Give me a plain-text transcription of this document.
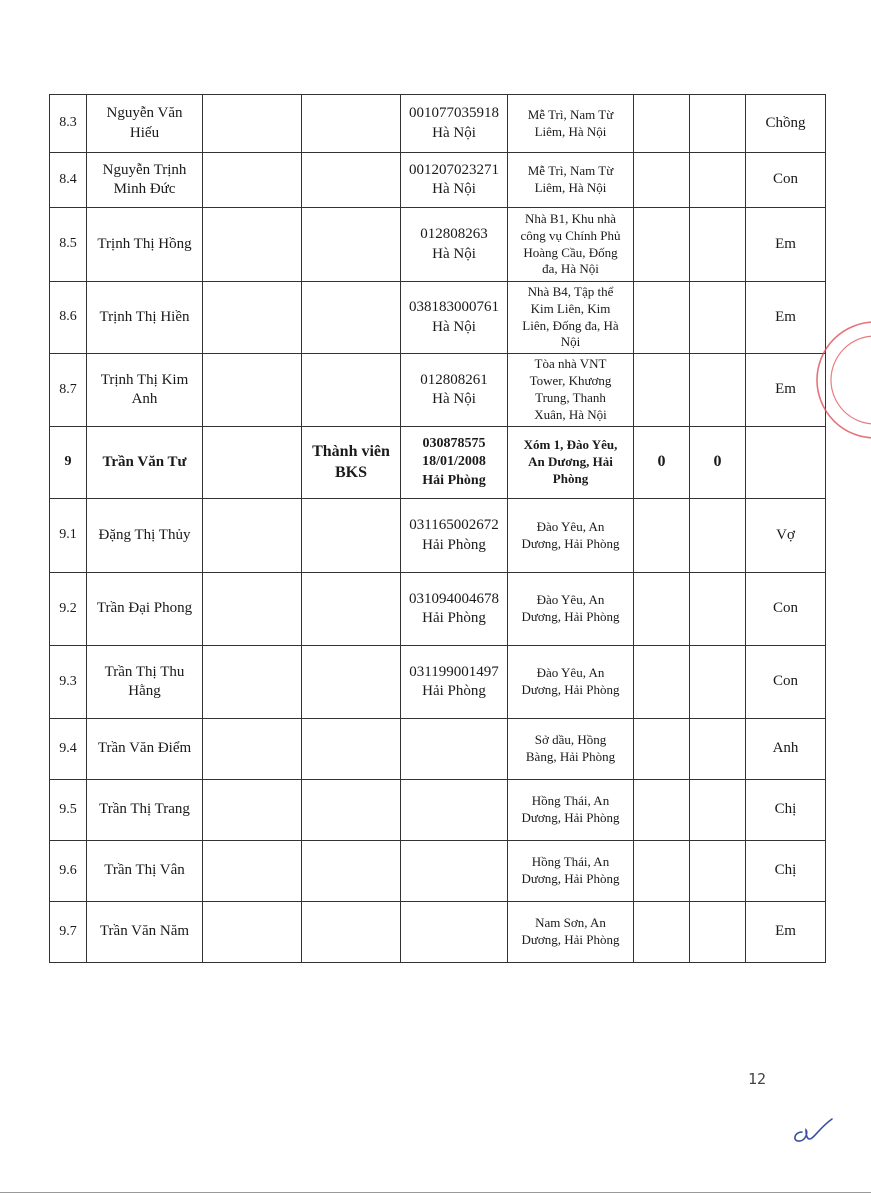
8.3	Nguyễn Văn
Hiếu			001077035918
Hà Nội	Mễ Trì, Nam Từ
Liêm, Hà Nội			Chồng
8.4	Nguyễn Trịnh
Minh Đức			001207023271
Hà Nội	Mễ Trì, Nam Từ
Liêm, Hà Nội			Con
8.5	Trịnh Thị Hồng			012808263
Hà Nội	Nhà B1, Khu nhà
công vụ Chính Phủ
Hoàng Cầu, Đống
đa, Hà Nội			Em
8.6	Trịnh Thị Hiền			038183000761
Hà Nội	Nhà B4, Tập thể
Kim Liên, Kim
Liên, Đống đa, Hà
Nội			Em
8.7	Trịnh Thị Kim
Anh			012808261
Hà Nội	Tòa nhà VNT
Tower, Khương
Trung, Thanh
Xuân, Hà Nội			Em
9	Trần Văn Tư		Thành viên
BKS	030878575
18/01/2008
Hải Phòng	Xóm 1, Đào Yêu,
An Dương, Hải
Phòng	0	0	
9.1	Đặng Thị Thủy			031165002672
Hải Phòng	Đào Yêu, An
Dương, Hải Phòng			Vợ
9.2	Trần Đại Phong			031094004678
Hải Phòng	Đào Yêu, An
Dương, Hải Phòng			Con
9.3	Trần Thị Thu
Hằng			031199001497
Hải Phòng	Đào Yêu, An
Dương, Hải Phòng			Con
9.4	Trần Văn Điểm				Sở dầu, Hồng
Bàng, Hải Phòng			Anh
9.5	Trần Thị Trang				Hồng Thái, An
Dương, Hải Phòng			Chị
9.6	Trần Thị Vân				Hồng Thái, An
Dương, Hải Phòng			Chị
9.7	Trần Văn Năm				Nam Sơn, An
Dương, Hải Phòng			Em
12
